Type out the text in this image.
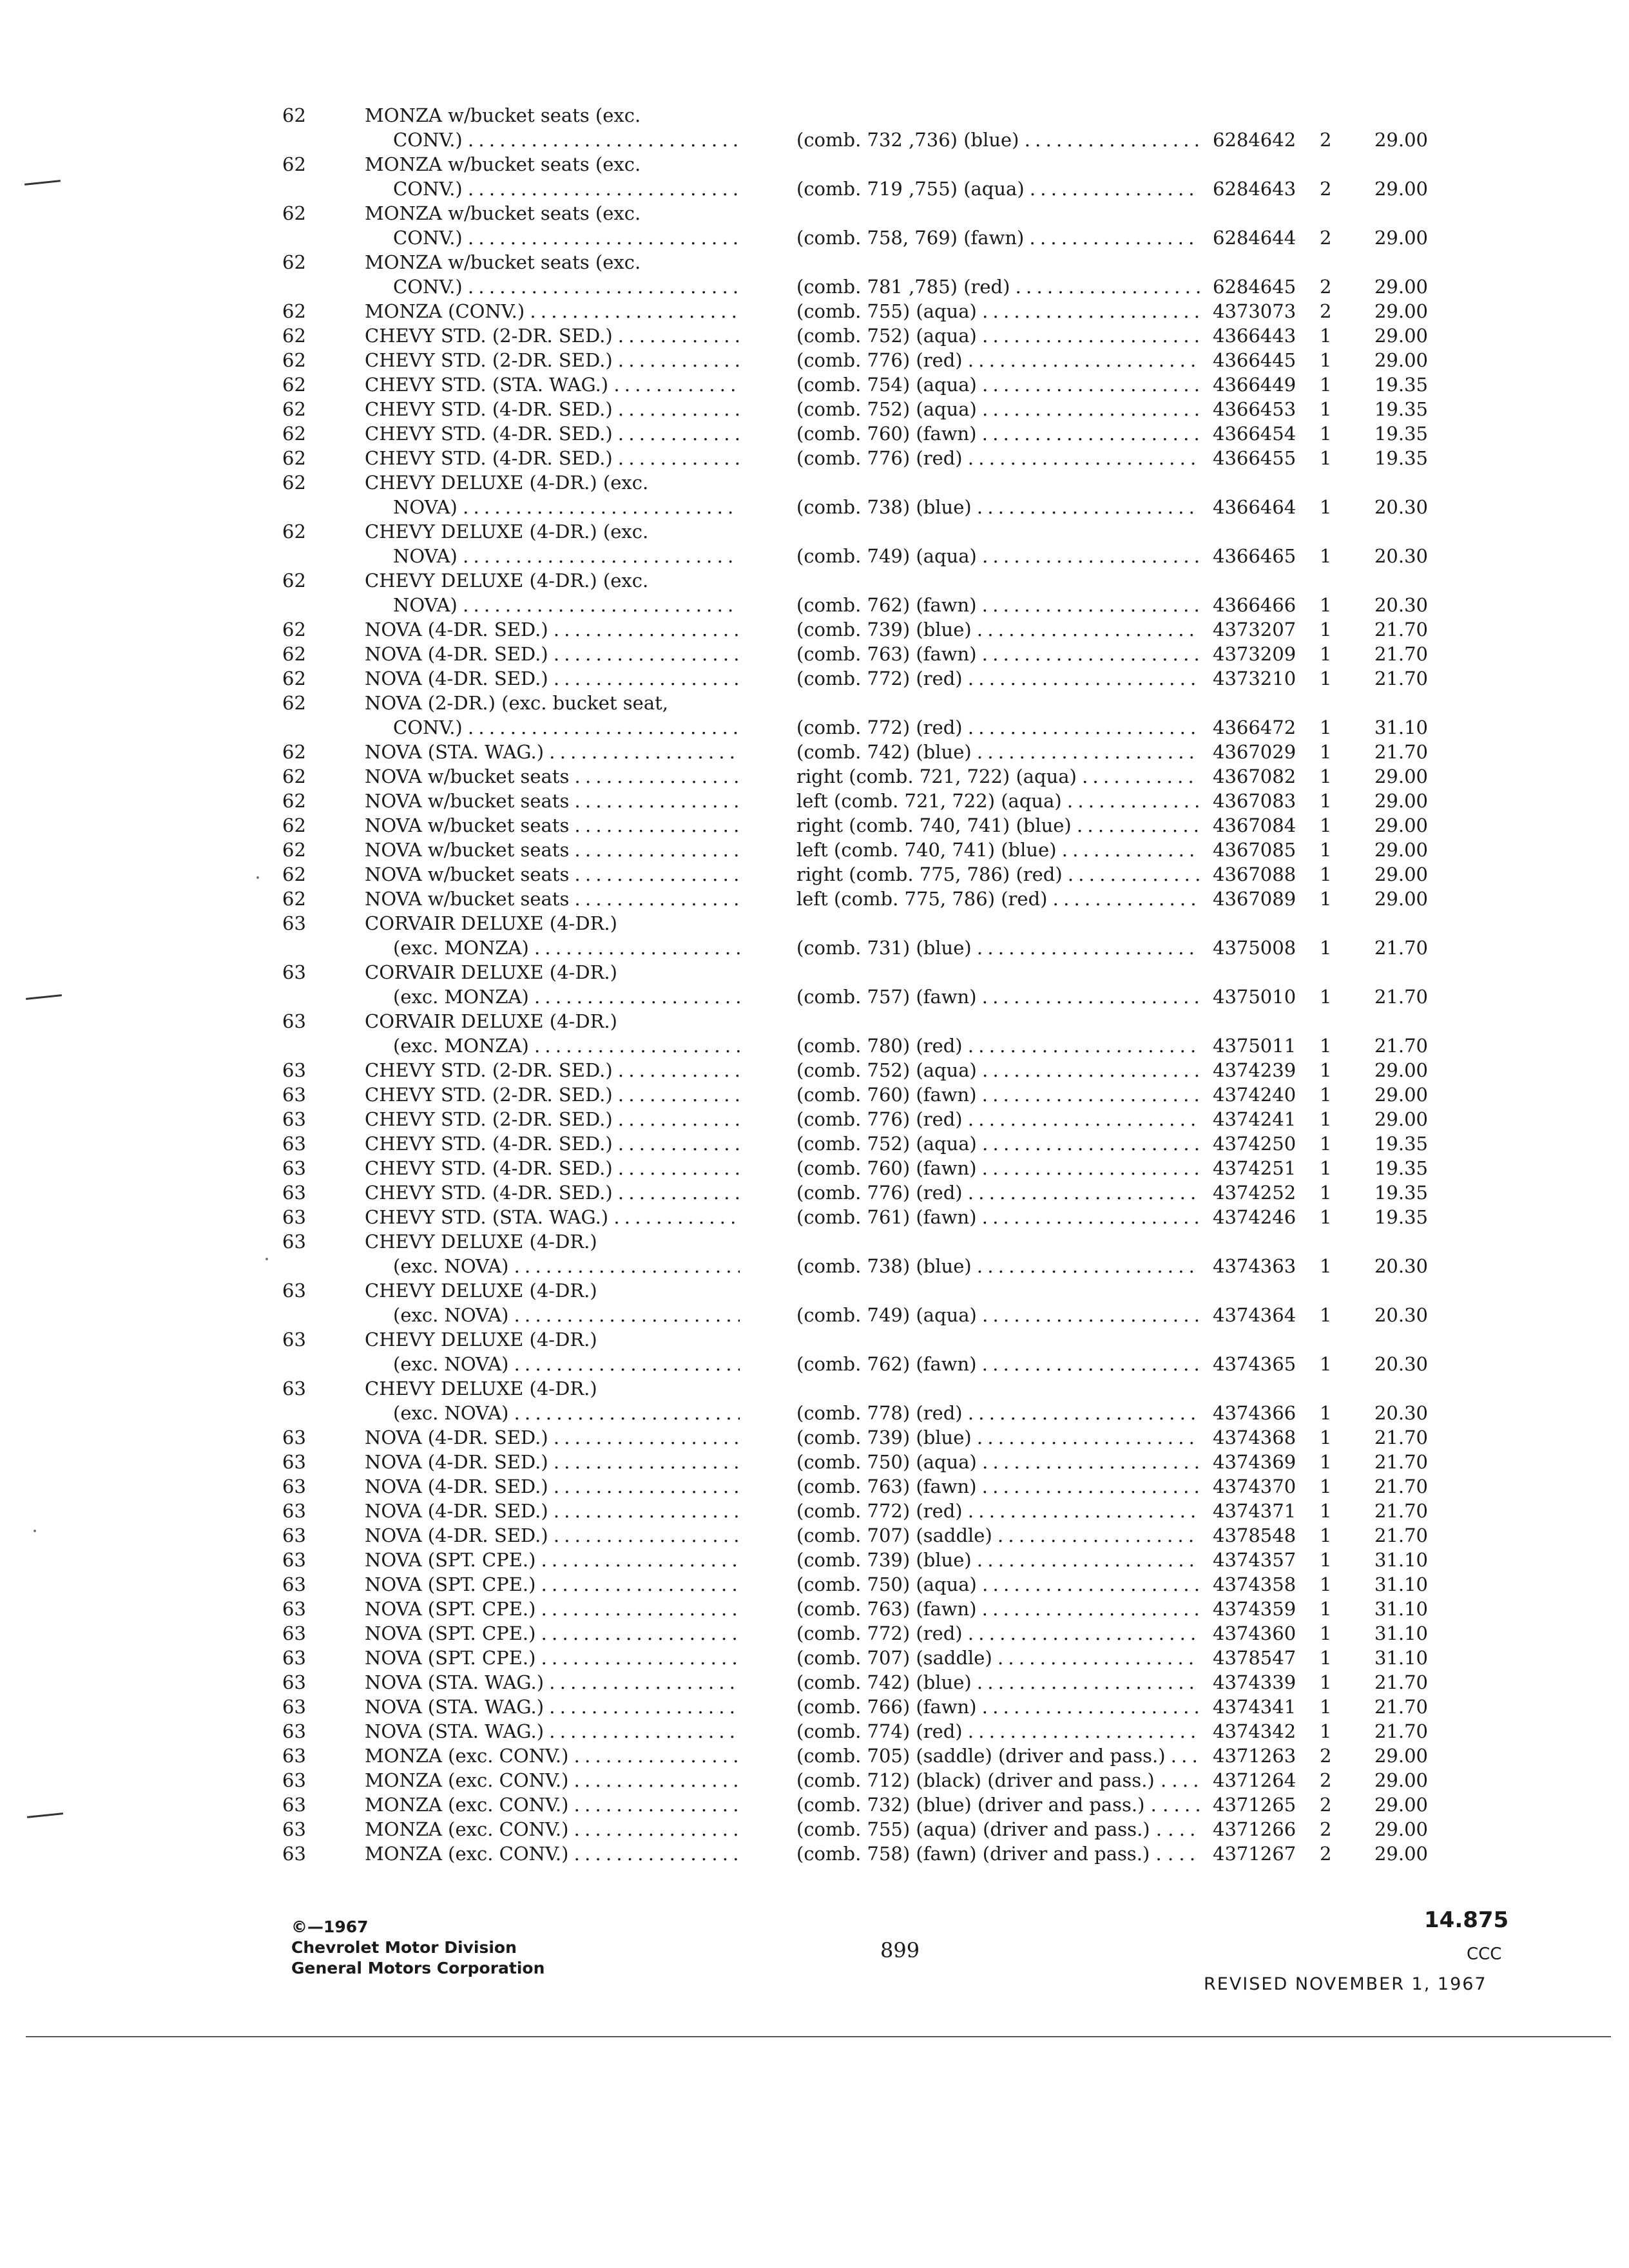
62	MONZA w/bucket seats (exc.
CONV.) . . .	(comb. 732 ,736) (blue) . . .	6284642 2	29.00
62	MONZA w/bucket seats (exc.
CONV.) . . .	(comb. 719 ,755) (aqua) . . .	6284643 2	29.00
62	MONZA w/bucket seats (exc.
CONV.) . . .	(comb. 758, 769) (fawn) . . .	6284644 2	29.00
62	MONZA w/bucket seats (exc.
CONV.) . . .	(comb. 781 ,785) (red) . . .	6284645 2	29.00
62	MONZA (CONV.) . . .	(comb. 755) (aqua) . . .	4373073 2	29.00
62	CHEVY STD. (2-DR. SED.) . . .	(comb. 752) (aqua) . . .	4366443 1	29.00
62	CHEVY STD. (2-DR. SED.) . . .	(comb. 776) (red) . . .	4366445 1	29.00
62	CHEVY STD. (STA. WAG.) . . .	(comb. 754) (aqua) . . .	4366449 1	19.35
62	CHEVY STD. (4-DR. SED.) . . .	(comb. 752) (aqua) . . .	4366453 1	19.35
62	CHEVY STD. (4-DR. SED.) . . .	(comb. 760) (fawn) . . .	4366454 1	19.35
62	CHEVY STD. (4-DR. SED.) . . .	(comb. 776) (red) . . .	4366455 1	19.35
62	CHEVY DELUXE (4-DR.) (exc.
NOVA) . . .	(comb. 738) (blue) . . .	4366464 1	20.30
62	CHEVY DELUXE (4-DR.) (exc.
NOVA) . . .	(comb. 749) (aqua) . . .	4366465 1	20.30
62	CHEVY DELUXE (4-DR.) (exc.
NOVA) . . .	(comb. 762) (fawn) . . .	4366466 1	20.30
62	NOVA (4-DR. SED.) . . .	(comb. 739) (blue) . . .	4373207 1	21.70
62	NOVA (4-DR. SED.) . . .	(comb. 763) (fawn) . . .	4373209 1	21.70
62	NOVA (4-DR. SED.) . . .	(comb. 772) (red) . . .	4373210 1	21.70
62	NOVA (2-DR.) (exc. bucket seat,
CONV.) . . .	(comb. 772) (red) . . .	4366472 1	31.10
62	NOVA (STA. WAG.) . . .	(comb. 742) (blue) . . .	4367029 1	21.70
62	NOVA w/bucket seats . . .	right (comb. 721, 722) (aqua) . . .	4367082 1	29.00
62	NOVA w/bucket seats . . .	left (comb. 721, 722) (aqua) . . .	4367083 1	29.00
62	NOVA w/bucket seats . . .	right (comb. 740, 741) (blue) . . .	4367084 1	29.00
62	NOVA w/bucket seats . . .	left (comb. 740, 741) (blue) . . .	4367085 1	29.00
62	NOVA w/bucket seats . . .	right (comb. 775, 786) (red) . . .	4367088 1	29.00
62	NOVA w/bucket seats . . .	left (comb. 775, 786) (red) . . .	4367089 1	29.00
63	CORVAIR DELUXE (4-DR.)
(exc. MONZA) . . .	(comb. 731) (blue) . . .	4375008 1	21.70
63	CORVAIR DELUXE (4-DR.)
(exc. MONZA) . . .	(comb. 757) (fawn) . . .	4375010 1	21.70
63	CORVAIR DELUXE (4-DR.)
(exc. MONZA) . . .	(comb. 780) (red) . . .	4375011 1	21.70
63	CHEVY STD. (2-DR. SED.) . . .	(comb. 752) (aqua) . . .	4374239 1	29.00
63	CHEVY STD. (2-DR. SED.) . . .	(comb. 760) (fawn) . . .	4374240 1	29.00
63	CHEVY STD. (2-DR. SED.) . . .	(comb. 776) (red) . . .	4374241 1	29.00
63	CHEVY STD. (4-DR. SED.) . . .	(comb. 752) (aqua) . . .	4374250 1	19.35
63	CHEVY STD. (4-DR. SED.) . . .	(comb. 760) (fawn) . . .	4374251 1	19.35
63	CHEVY STD. (4-DR. SED.) . . .	(comb. 776) (red) . . .	4374252 1	19.35
63	CHEVY STD. (STA. WAG.) . . .	(comb. 761) (fawn) . . .	4374246 1	19.35
63	CHEVY DELUXE (4-DR.)
(exc. NOVA) . . .	(comb. 738) (blue) . . .	4374363 1	20.30
63	CHEVY DELUXE (4-DR.)
(exc. NOVA) . . .	(comb. 749) (aqua) . . .	4374364 1	20.30
63	CHEVY DELUXE (4-DR.)
(exc. NOVA) . . .	(comb. 762) (fawn) . . .	4374365 1	20.30
63	CHEVY DELUXE (4-DR.)
(exc. NOVA) . . .	(comb. 778) (red) . . .	4374366 1	20.30
63	NOVA (4-DR. SED.) . . .	(comb. 739) (blue) . . .	4374368 1	21.70
63	NOVA (4-DR. SED.) . . .	(comb. 750) (aqua) . . .	4374369 1	21.70
63	NOVA (4-DR. SED.) . . .	(comb. 763) (fawn) . . .	4374370 1	21.70
63	NOVA (4-DR. SED.) . . .	(comb. 772) (red) . . .	4374371 1	21.70
63	NOVA (4-DR. SED.) . . .	(comb. 707) (saddle) . . .	4378548 1	21.70
63	NOVA (SPT. CPE.) . . .	(comb. 739) (blue) . . .	4374357 1	31.10
63	NOVA (SPT. CPE.) . . .	(comb. 750) (aqua) . . .	4374358 1	31.10
63	NOVA (SPT. CPE.) . . .	(comb. 763) (fawn) . . .	4374359 1	31.10
63	NOVA (SPT. CPE.) . . .	(comb. 772) (red) . . .	4374360 1	31.10
63	NOVA (SPT. CPE.) . . .	(comb. 707) (saddle) . . .	4378547 1	31.10
63	NOVA (STA. WAG.) . . .	(comb. 742) (blue) . . .	4374339 1	21.70
63	NOVA (STA. WAG.) . . .	(comb. 766) (fawn) . . .	4374341 1	21.70
63	NOVA (STA. WAG.) . . .	(comb. 774) (red) . . .	4374342 1	21.70
63	MONZA (exc. CONV.) . . .	(comb. 705) (saddle) (driver and pass.) . . .	4371263 2	29.00
63	MONZA (exc. CONV.) . . .	(comb. 712) (black) (driver and pass.) . . . .	4371264 2	29.00
63	MONZA (exc. CONV.) . . .	(comb. 732) (blue) (driver and pass.) . . . . .	4371265 2	29.00
63	MONZA (exc. CONV.) . . .	(comb. 755) (aqua) (driver and pass.) . . . . .	4371266 2	29.00
63	MONZA (exc. CONV.) . . .	(comb. 758) (fawn) (driver and pass.) . . . . .	4371267 2	29.00
©—1967
Chevrolet Motor Division
General Motors Corporation
899
14.875
CCC
REVISED NOVEMBER 1, 1967
